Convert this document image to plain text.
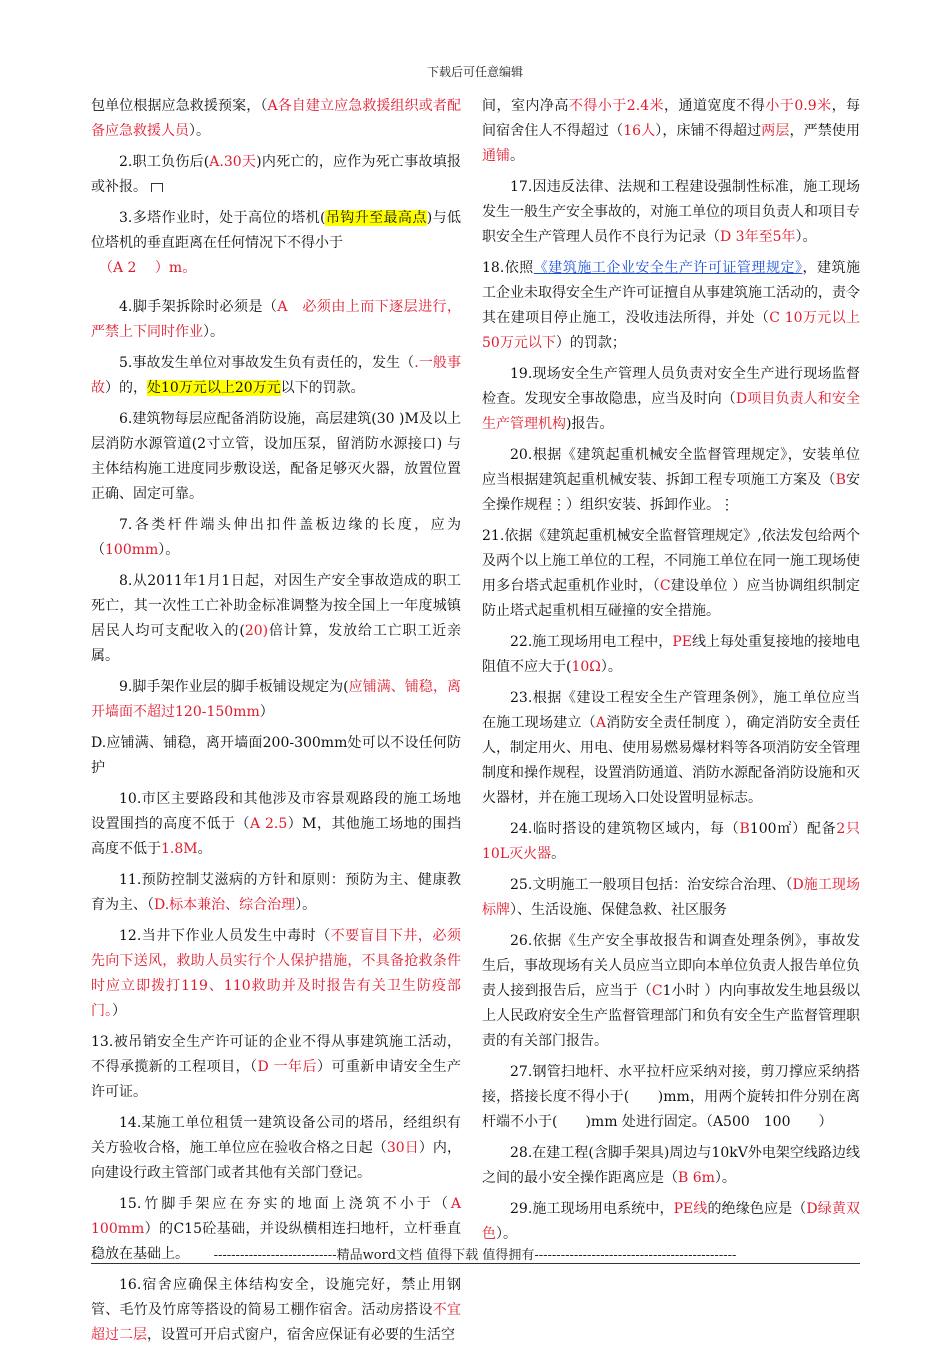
下载后可任意编辑

包单位根据应急救援预案，（A各自建立应急救援组织或者配备应急救援人员）。

2.职工负伤后(A.30天)内死亡的，应作为死亡事故填报或补报。

3.多塔作业时，处于高位的塔机(吊钩升至最高点)与低位塔机的垂直距离在任何情况下不得小于
（A 2　 ）m。

4.脚手架拆除时必须是（A　必须由上而下逐层进行，严禁上下同时作业）。

5.事故发生单位对事故发生负有责任的，发生（.一般事故）的，处10万元以上20万元以下的罚款。

6.建筑物每层应配备消防设施，高层建筑(30 )M及以上层消防水源管道(2寸立管，设加压泵，留消防水源接口) 与主体结构施工进度同步敷设送，配备足够灭火器，放置位置正确、固定可靠。

7.各类杆件端头伸出扣件盖板边缘的长度，应为（100mm）。

8.从2011年1月1日起，对因生产安全事故造成的职工死亡，其一次性工亡补助金标准调整为按全国上一年度城镇居民人均可支配收入的(20)倍计算，发放给工亡职工近亲属。

9.脚手架作业层的脚手板铺设规定为(应铺满、铺稳，离开墙面不超过120-150mm）

D.应铺满、铺稳，离开墙面200-300mm处可以不设任何防护

10.市区主要路段和其他涉及市容景观路段的施工场地设置围挡的高度不低于（A 2.5）M，其他施工场地的围挡高度不低于1.8M。

11.预防控制艾滋病的方针和原则：预防为主、健康教育为主、（D.标本兼治、综合治理）。

12.当井下作业人员发生中毒时（不要盲目下井，必须先向下送风，救助人员实行个人保护措施，不具备抢救条件时应立即拨打119、110救助并及时报告有关卫生防疫部门。）

13.被吊销安全生产许可证的企业不得从事建筑施工活动，不得承揽新的工程项目，（D 一年后）可重新申请安全生产许可证。

14.某施工单位租赁一建筑设备公司的塔吊，经组织有关方验收合格，施工单位应在验收合格之日起（30日）内，向建设行政主管部门或者其他有关部门登记。

15.竹脚手架应在夯实的地面上浇筑不小于（A 100mm）的C15砼基础，并设纵横相连扫地杆，立杆垂直稳放在基础上。

16.宿舍应确保主体结构安全，设施完好，禁止用钢管、毛竹及竹席等搭设的简易工棚作宿舍。活动房搭设不宜超过二层，设置可开启式窗户，宿舍应保证有必要的生活空

间，室内净高不得小于2.4米，通道宽度不得小于0.9米，每间宿舍住人不得超过（16人），床铺不得超过两层，严禁使用通铺。

17.因违反法律、法规和工程建设强制性标准，施工现场发生一般生产安全事故的，对施工单位的项目负责人和项目专职安全生产管理人员作不良行为记录（D 3年至5年）。

18.依照《建筑施工企业安全生产许可证管理规定》，建筑施工企业未取得安全生产许可证擅自从事建筑施工活动的，责令其在建项目停止施工，没收违法所得，并处（C 10万元以上50万元以下）的罚款；

19.现场安全生产管理人员负责对安全生产进行现场监督检查。发现安全事故隐患，应当及时向（D项目负责人和安全生产管理机构)报告。

20.根据《建筑起重机械安全监督管理规定》，安装单位应当根据建筑起重机械安装、拆卸工程专项施工方案及（B安全操作规程⋮）组织安装、拆卸作业。⋮

21.依据《建筑起重机械安全监督管理规定》,依法发包给两个及两个以上施工单位的工程，不同施工单位在同一施工现场使用多台塔式起重机作业时，（C建设单位 ）应当协调组织制定防止塔式起重机相互碰撞的安全措施。

22.施工现场用电工程中，PE线上每处重复接地的接地电阻值不应大于(10Ω）。

23.根据《建设工程安全生产管理条例》，施工单位应当在施工现场建立（A消防安全责任制度 ），确定消防安全责任人，制定用火、用电、使用易燃易爆材料等各项消防安全管理制度和操作规程，设置消防通道、消防水源配备消防设施和灭火器材，并在施工现场入口处设置明显标志。

24.临时搭设的建筑物区域内，每（B100㎡）配备2只10L灭火器。

25.文明施工一般项目包括：治安综合治理、（D施工现场标牌）、生活设施、保健急救、社区服务

26.依据《生产安全事故报告和调查处理条例》，事故发生后，事故现场有关人员应当立即向本单位负责人报告单位负责人接到报告后，应当于（C1小时 ）内向事故发生地县级以上人民政府安全生产监督管理部门和负有安全生产监督管理职责的有关部门报告。

27.钢管扫地杆、水平拉杆应采纳对接，剪刀撑应采纳搭接，搭接长度不得小于(　　)mm，用两个旋转扣件分别在离杆端不小于(　　)mm 处进行固定。（A500　100　　）

28.在建工程(含脚手架具)周边与10kV外电架空线路边线之间的最小安全操作距离应是（B 6m）。

29.施工现场用电系统中，PE线的绝缘色应是（D绿黄双色）。

----------------------------精品word文档 值得下载 值得拥有----------------------------------------------
